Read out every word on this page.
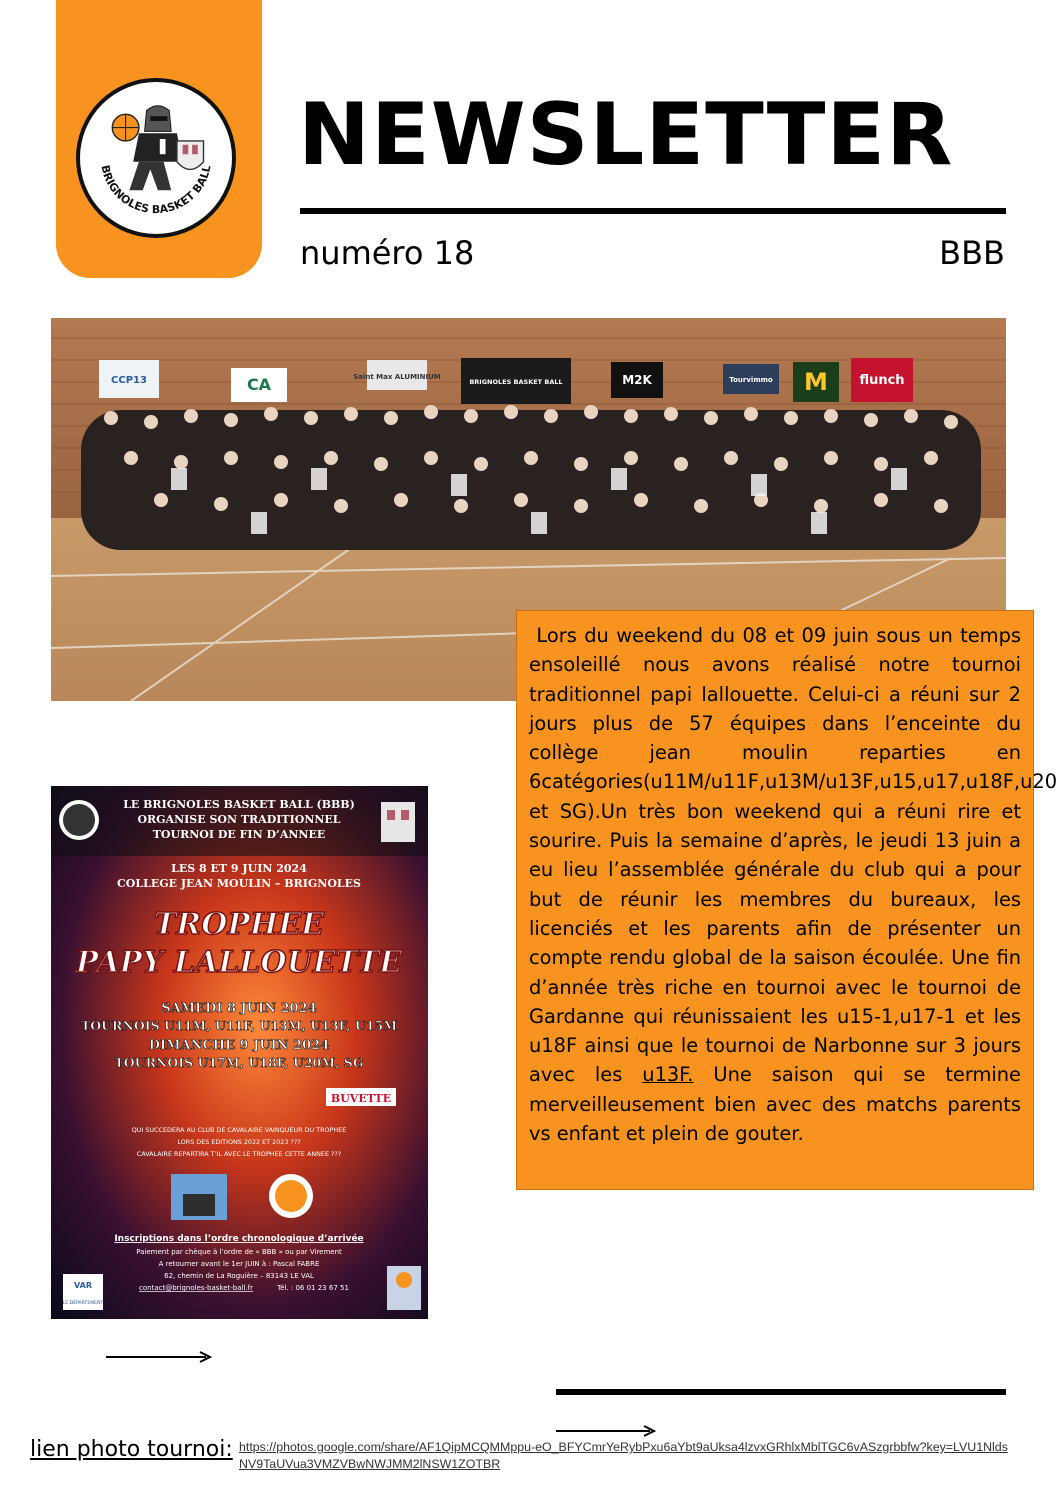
BRIGNOLES BASKET BALL NEWSLETTER
numéro 18	BBB
CCP13	CA	Saint Max ALUMINIUM
BRIGNOLES BASKET BALL	M2K	Tourvimmo M flunch

Lors du weekend du 08 et 09 juin sous un temps ensoleillé nous avons réalisé notre tournoi traditionnel papi lallouette. Celui-ci a réuni sur 2 jours plus de 57 équipes dans l’enceinte du collège jean moulin reparties en 6catégories(u11M/u11F,u13M/u13F,u15,u17,u18F,u20 et SG).Un très bon weekend qui a réuni rire et sourire. Puis la semaine d’après, le jeudi 13 juin a eu lieu l’assemblée générale du club qui a pour but de réunir les membres du bureaux, les licenciés et les parents afin de présenter un compte rendu global de la saison écoulée. Une fin d’année très riche en tournoi avec le tournoi de Gardanne qui réunissaient les u15-1,u17-1 et les u18F ainsi que le tournoi de Narbonne sur 3 jours avec les u13F. Une saison qui se termine merveilleusement bien avec des matchs parents vs enfant et plein de gouter.

LE BRIGNOLES BASKET BALL (BBB)
ORGANISE SON TRADITIONNEL
TOURNOI DE FIN D’ANNEE
LES 8 ET 9 JUIN 2024
COLLEGE JEAN MOULIN – BRIGNOLES
TROPHEE
PAPY LALLOUETTE
SAMEDI 8 JUIN 2024
TOURNOIS U11M, U11F, U13M, U13F, U15M
DIMANCHE 9 JUIN 2024
TOURNOIS U17M, U18F, U20M, SG
BUVETTE
QUI SUCCEDERA AU CLUB DE CAVALAIRE VAINQUEUR DU TROPHEE
LORS DES EDITIONS 2022 ET 2023 ???
CAVALAIRE REPARTIRA T’IL AVEC LE TROPHEE CETTE ANNEE ???
Inscriptions dans l’ordre chronologique d’arrivée
Paiement par chèque à l’ordre de « BBB » ou par Virement
A retourner avant le 1er JUIN à : Pascal FABRE
62, chemin de La Roguière – 83143 LE VAL
contact@brignoles-basket-ball.fr	Tél. : 06 01 23 67 51
VAR
LE DÉPARTEMENT
lien photo tournoi: https://photos.google.com/share/AF1QipMCQMMppu-eO_BFYCmrYeRybPxu6aYbt9aUksa4lzvxGRhlxMblTGC6vASzgrbbfw?key=LVU1NldsNV9TaUVua3VMZVBwNWJMM2lNSW1ZOTBR
